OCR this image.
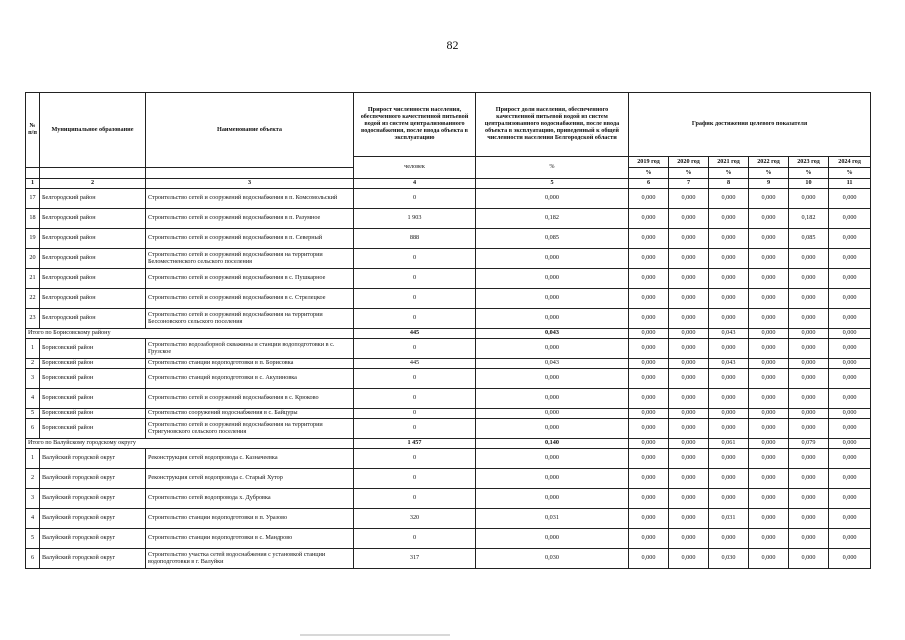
82
№ п/п	Муниципальное образование	Наименование объекта	Прирост численности населения, обеспеченного качественной питьевой водой из систем централизованного водоснабжения, после ввода объекта в эксплуатацию	Прирост доли населения, обеспеченного качественной питьевой водой из систем централизованного водоснабжения, после ввода объекта в эксплуатацию, приведенный к общей численности населения Белгородской области	График достижения целевого показателя					
			человек	%	2019 год	2020 год	2021 год	2022 год	2023 год	2024 год
					%	%	%	%	%	%
1	2	3	4	5	6	7	8	9	10	11
17	Белгородский район	Строительство сетей и сооружений водоснабжения в п. Комсомольский	0	0,000	0,000	0,000	0,000	0,000	0,000	0,000
18	Белгородский район	Строительство сетей и сооружений водоснабжения в п. Разумное	1 903	0,182	0,000	0,000	0,000	0,000	0,182	0,000
19	Белгородский район	Строительство сетей и сооружений водоснабжения в п. Северный	888	0,085	0,000	0,000	0,000	0,000	0,085	0,000
20	Белгородский район	Строительство сетей и сооружений водоснабжения на территории Беломестненского сельского поселения	0	0,000	0,000	0,000	0,000	0,000	0,000	0,000
21	Белгородский район	Строительство сетей и сооружений водоснабжения в с. Пушкарное	0	0,000	0,000	0,000	0,000	0,000	0,000	0,000
22	Белгородский район	Строительство сетей и сооружений водоснабжения в с. Стрелецкое	0	0,000	0,000	0,000	0,000	0,000	0,000	0,000
23	Белгородский район	Строительство сетей и сооружений водоснабжения на территории Бессоновского сельского поселения	0	0,000	0,000	0,000	0,000	0,000	0,000	0,000
Итого по Борисовскому району			445	0,043	0,000	0,000	0,043	0,000	0,000	0,000
1	Борисовский район	Строительство водозаборной скважины и станции водоподготовки в с. Грузское	0	0,000	0,000	0,000	0,000	0,000	0,000	0,000
2	Борисовский район	Строительство станции водоподготовки в п. Борисовка	445	0,043	0,000	0,000	0,043	0,000	0,000	0,000
3	Борисовский район	Строительство станций водоподготовки в с. Акулиновка	0	0,000	0,000	0,000	0,000	0,000	0,000	0,000
4	Борисовский район	Строительство сетей и сооружений водоснабжения в с. Крюково	0	0,000	0,000	0,000	0,000	0,000	0,000	0,000
5	Борисовский район	Строительство сооружений водоснабжения в с. Байцуры	0	0,000	0,000	0,000	0,000	0,000	0,000	0,000
6	Борисовский район	Строительство сетей и сооружений водоснабжения на территории Стригуновского сельского поселения	0	0,000	0,000	0,000	0,000	0,000	0,000	0,000
Итого по Валуйскому городскому округу			1 457	0,140	0,000	0,000	0,061	0,000	0,079	0,000
1	Валуйский городской округ	Реконструкция сетей водопровода с. Казначеевка	0	0,000	0,000	0,000	0,000	0,000	0,000	0,000
2	Валуйский городской округ	Реконструкция сетей водопровода с. Старый Хутор	0	0,000	0,000	0,000	0,000	0,000	0,000	0,000
3	Валуйский городской округ	Строительство сетей водопровода х. Дубровка	0	0,000	0,000	0,000	0,000	0,000	0,000	0,000
4	Валуйский городской округ	Строительство станции водоподготовки в п. Уразово	320	0,031	0,000	0,000	0,031	0,000	0,000	0,000
5	Валуйский городской округ	Строительство станции водоподготовки в с. Мандрово	0	0,000	0,000	0,000	0,000	0,000	0,000	0,000
6	Валуйский городской округ	Строительство участка сетей водоснабжения с установкой станции водоподготовки в г. Валуйки	317	0,030	0,000	0,000	0,030	0,000	0,000	0,000
